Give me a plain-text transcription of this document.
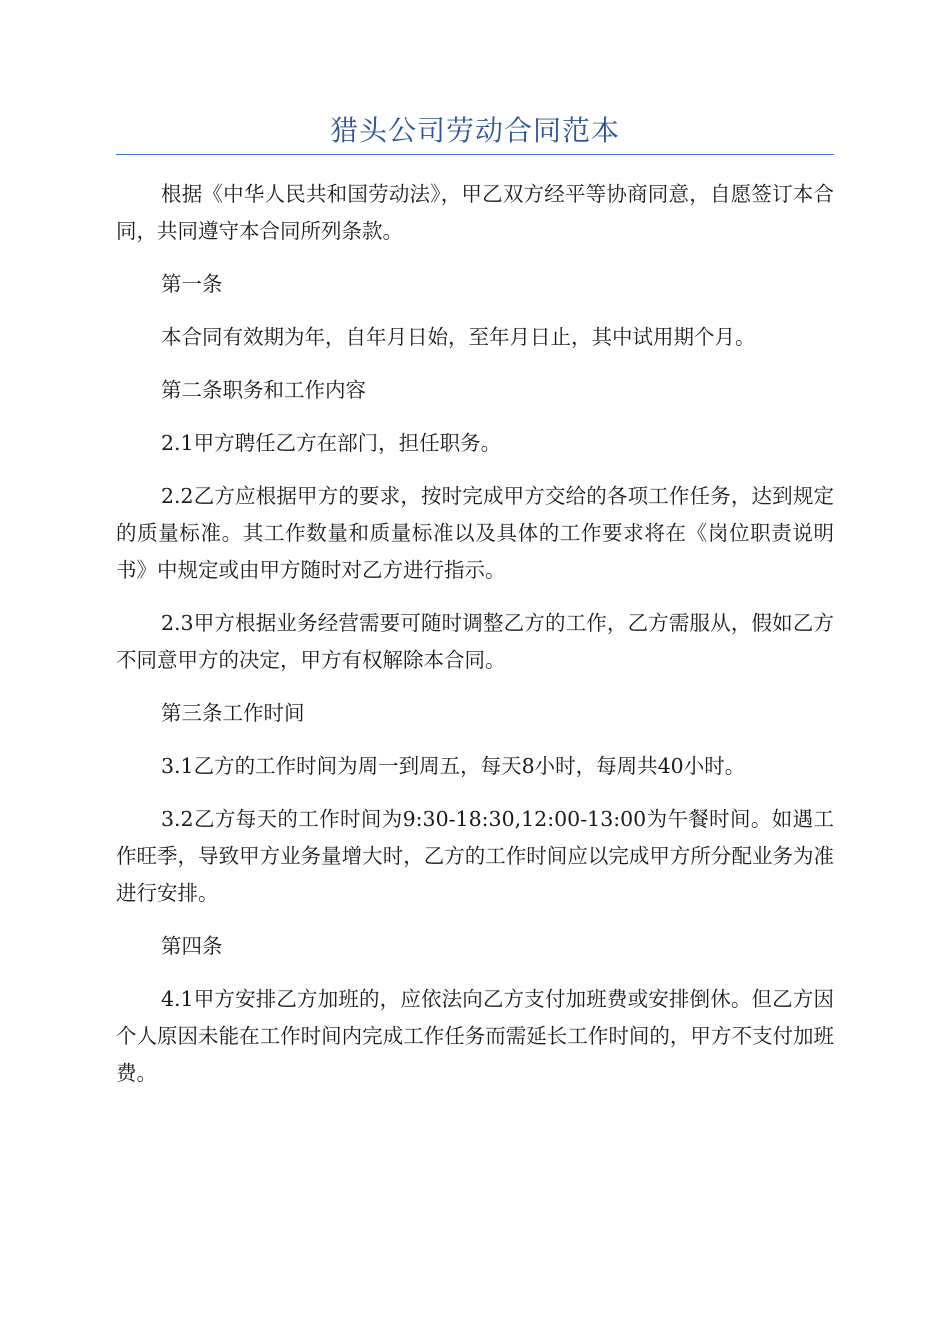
猎头公司劳动合同范本

根据《中华人民共和国劳动法》，甲乙双方经平等协商同意，自愿签订本合同，共同遵守本合同所列条款。

第一条

本合同有效期为年，自年月日始，至年月日止，其中试用期个月。

第二条职务和工作内容

2.1甲方聘任乙方在部门，担任职务。

2.2乙方应根据甲方的要求，按时完成甲方交给的各项工作任务，达到规定的质量标准。其工作数量和质量标准以及具体的工作要求将在《岗位职责说明书》中规定或由甲方随时对乙方进行指示。

2.3甲方根据业务经营需要可随时调整乙方的工作，乙方需服从，假如乙方不同意甲方的决定，甲方有权解除本合同。

第三条工作时间

3.1乙方的工作时间为周一到周五，每天8小时，每周共40小时。

3.2乙方每天的工作时间为9:30-18:30,12:00-13:00为午餐时间。如遇工作旺季，导致甲方业务量增大时，乙方的工作时间应以完成甲方所分配业务为准进行安排。

第四条

4.1甲方安排乙方加班的，应依法向乙方支付加班费或安排倒休。但乙方因个人原因未能在工作时间内完成工作任务而需延长工作时间的，甲方不支付加班费。
